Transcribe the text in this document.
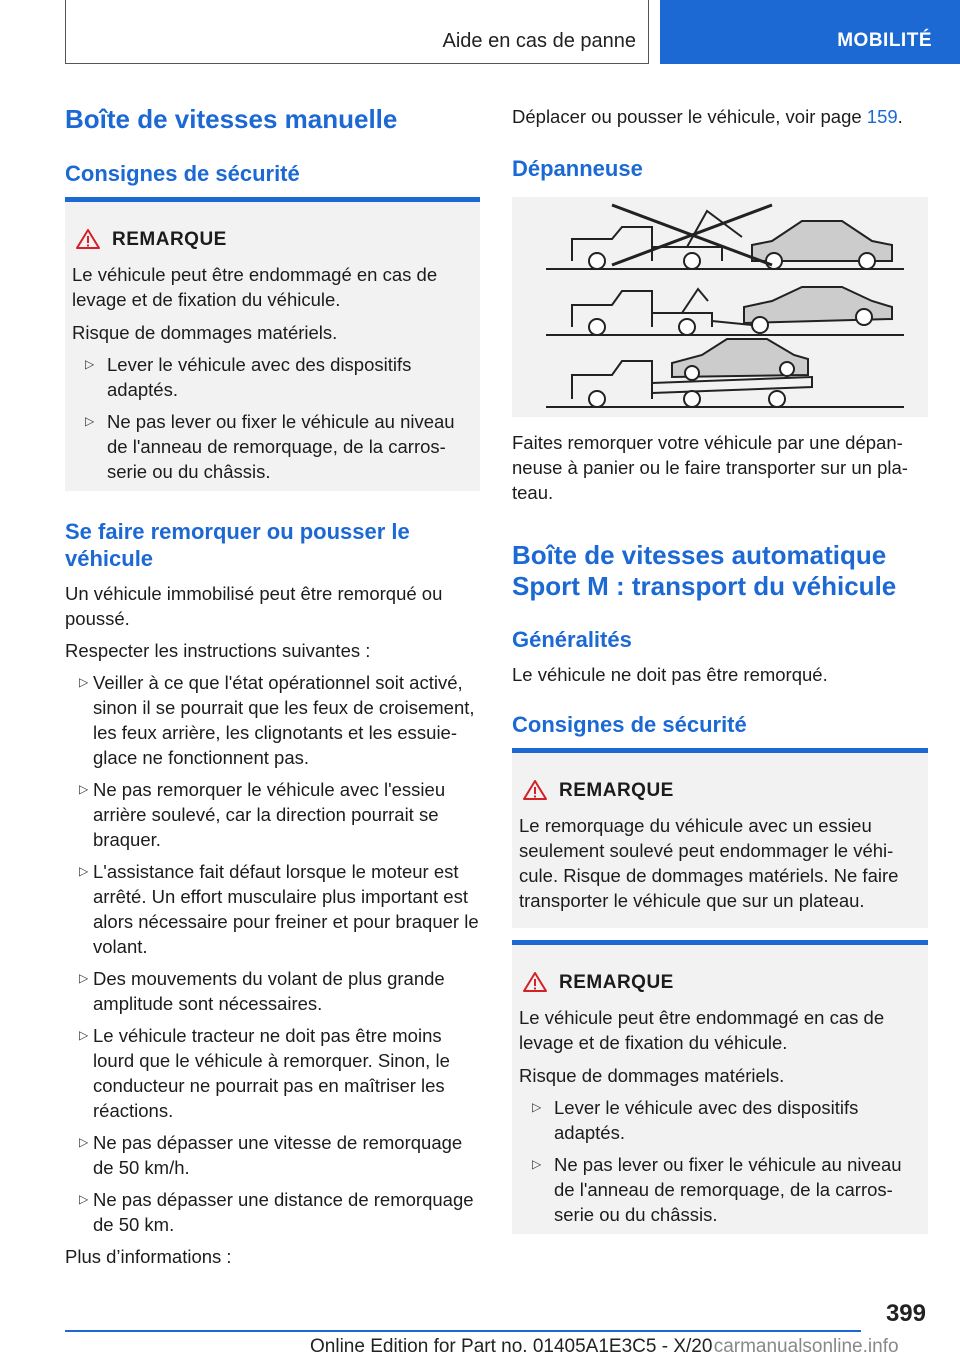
Aide en cas de panne	MOBILITÉ
Boîte de vitesses manuelle
Consignes de sécurité
REMARQUE
Le véhicule peut être endommagé en cas de levage et de fixation du véhicule.
Risque de dommages matériels.
▷ Lever le véhicule avec des dispositifs adaptés.
▷ Ne pas lever ou fixer le véhicule au niveau de l'anneau de remorquage, de la carrosserie ou du châssis.
Se faire remorquer ou pousser le véhicule
Un véhicule immobilisé peut être remorqué ou poussé.
Respecter les instructions suivantes :
▷ Veiller à ce que l'état opérationnel soit activé, sinon il se pourrait que les feux de croisement, les feux arrière, les clignotants et les essuie-glace ne fonctionnent pas.
▷ Ne pas remorquer le véhicule avec l'essieu arrière soulevé, car la direction pourrait se braquer.
▷ L'assistance fait défaut lorsque le moteur est arrêté. Un effort musculaire plus important est alors nécessaire pour freiner et pour braquer le volant.
▷ Des mouvements du volant de plus grande amplitude sont nécessaires.
▷ Le véhicule tracteur ne doit pas être moins lourd que le véhicule à remorquer. Sinon, le conducteur ne pourrait pas en maîtriser les réactions.
▷ Ne pas dépasser une vitesse de remorquage de 50 km/h.
▷ Ne pas dépasser une distance de remorquage de 50 km.
Plus d’informations :
Déplacer ou pousser le véhicule, voir page 159.
Dépanneuse
Faites remorquer votre véhicule par une dépanneuse à panier ou le faire transporter sur un plateau.
Boîte de vitesses automatique Sport M : transport du véhicule
Généralités
Le véhicule ne doit pas être remorqué.
Consignes de sécurité
REMARQUE
Le remorquage du véhicule avec un essieu seulement soulevé peut endommager le véhicule. Risque de dommages matériels. Ne faire transporter le véhicule que sur un plateau.
REMARQUE
Le véhicule peut être endommagé en cas de levage et de fixation du véhicule.
Risque de dommages matériels.
▷ Lever le véhicule avec des dispositifs adaptés.
▷ Ne pas lever ou fixer le véhicule au niveau de l'anneau de remorquage, de la carrosserie ou du châssis.
399
Online Edition for Part no. 01405A1E3C5 - X/20 carmanualsonline.info
